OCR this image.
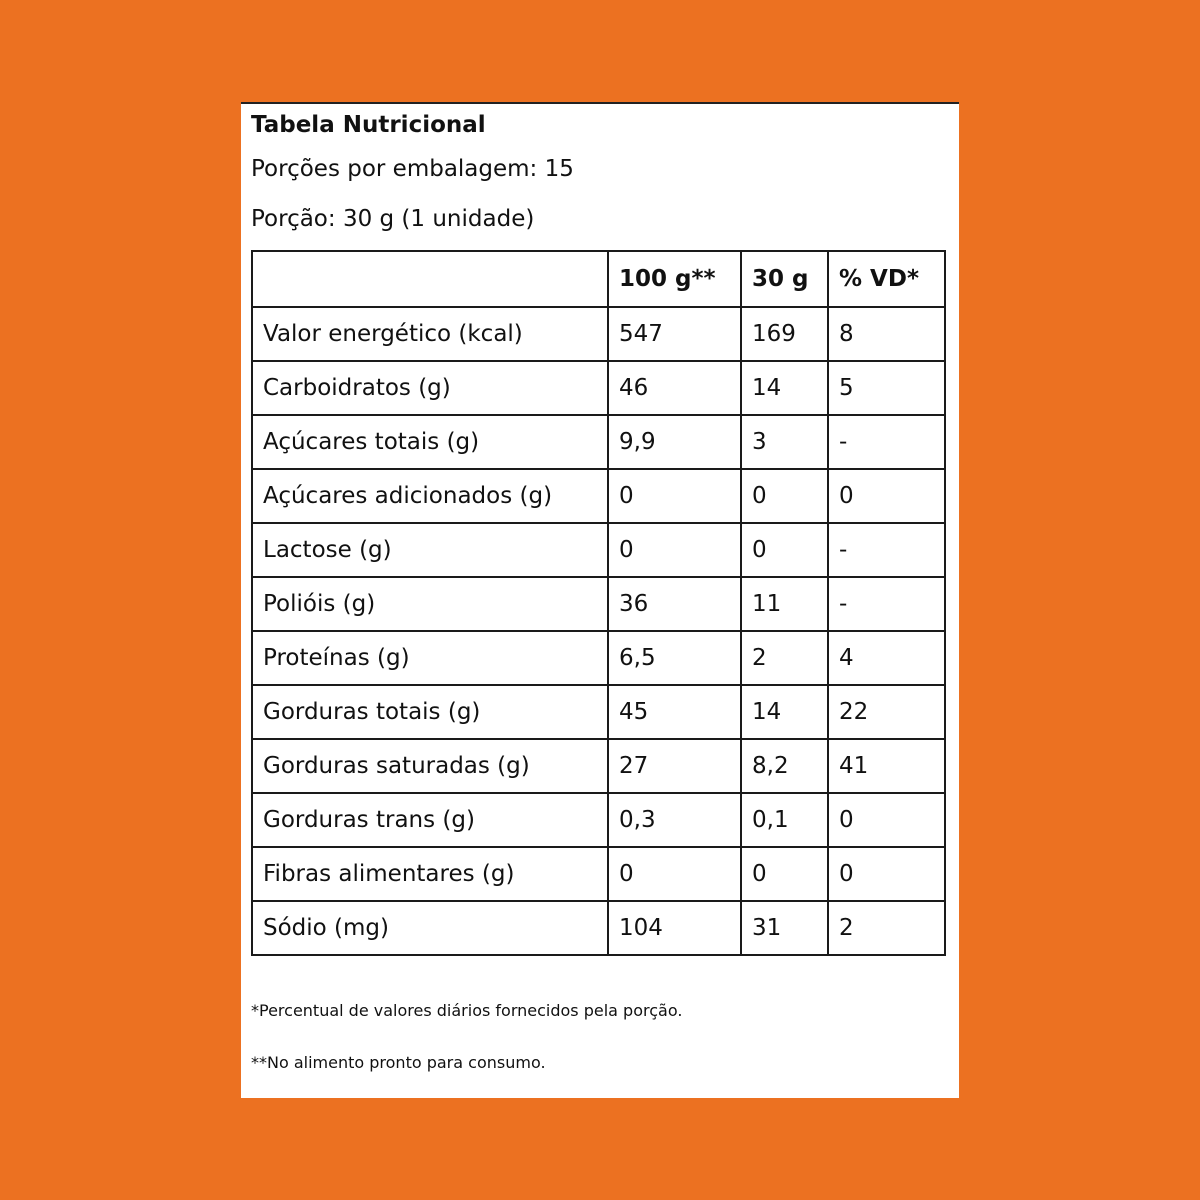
Tabela Nutricional
Porções por embalagem: 15
Porção: 30 g (1 unidade)
	100 g**	30 g	% VD*
Valor energético (kcal)	547	169	8
Carboidratos (g)	46	14	5
Açúcares totais (g)	9,9	3	-
Açúcares adicionados (g)	0	0	0
Lactose (g)	0	0	-
Poliόis (g)	36	11	-
Proteínas (g)	6,5	2	4
Gorduras totais (g)	45	14	22
Gorduras saturadas (g)	27	8,2	41
Gorduras trans (g)	0,3	0,1	0
Fibras alimentares (g)	0	0	0
Sódio (mg)	104	31	2
*Percentual de valores diários fornecidos pela porção.
**No alimento pronto para consumo.
